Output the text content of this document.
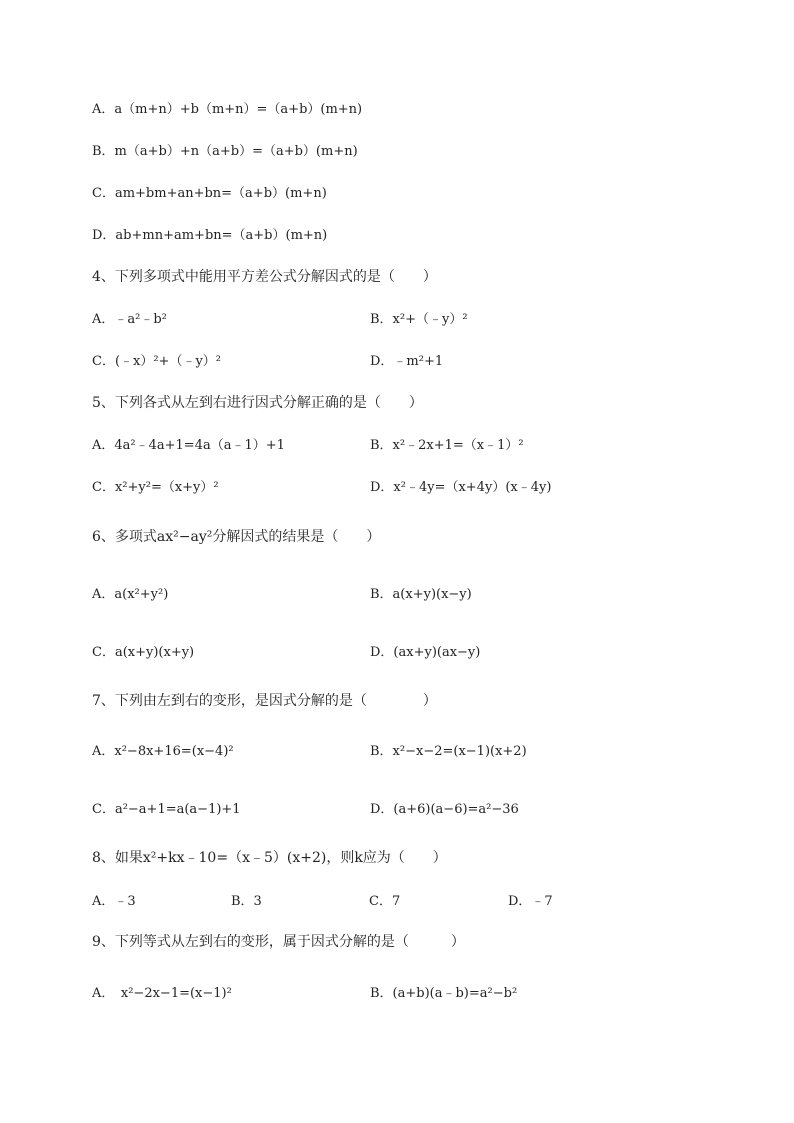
A．a（m+n）+b（m+n）=（a+b）(m+n)
B．m（a+b）+n（a+b）=（a+b）(m+n)
C．am+bm+an+bn=（a+b）(m+n)
D．ab+mn+am+bn=（a+b）(m+n)
4、下列多项式中能用平方差公式分解因式的是（　　）
A．﹣a²﹣b²	B．x²+（﹣y）²
C．(﹣x）²+（﹣y）²	D．﹣m²+1
5、下列各式从左到右进行因式分解正确的是（　　）
A．4a²﹣4a+1=4a（a﹣1）+1	B．x²﹣2x+1=（x﹣1）²
C．x²+y²=（x+y）²	D．x²﹣4y=（x+4y）(x﹣4y)
6、多项式ax²−ay²分解因式的结果是（　　）
A．a(x²+y²)	B．a(x+y)(x−y)
C．a(x+y)(x+y)	D．(ax+y)(ax−y)
7、下列由左到右的变形，是因式分解的是（　　　　）
A．x²−8x+16=(x−4)²	B．x²−x−2=(x−1)(x+2)
C．a²−a+1=a(a−1)+1	D．(a+6)(a−6)=a²−36
8、如果x²+kx﹣10=（x﹣5）(x+2)，则k应为（　　）
A．﹣3	B．3	C．7	D．﹣7
9、下列等式从左到右的变形，属于因式分解的是（　　　）
A．　x²−2x−1=(x−1)²	B．(a+b)(a﹣b)=a²−b²
